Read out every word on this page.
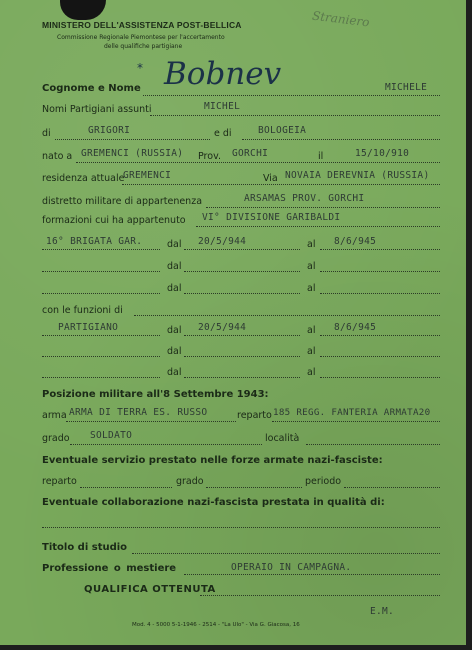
MINISTERO DELL'ASSISTENZA POST-BELLICA
Commissione Regionale Piemontese per l'accertamento
delle qualifiche partigiane
Straniero
Cognome e Nome
* Bobnev	MICHELE
Nomi Partigiani assunti	MICHEL
di	GRIGORI	e di	BOLOGEIA
nato a GREMENCI (RUSSIA) Prov. GORCHI	il	15/10/910
residenza attuale
GREMENCI	Via NOVAIA DEREVNIA (RUSSIA)
distretto militare di appartenenza	ARSAMAS PROV. GORCHI
formazioni cui ha appartenuto VI° DIVISIONE GARIBALDI
16° BRIGATA GAR.	dal 20/5/944	al 8/6/945
dal	al
dal	al
con le funzioni di
PARTIGIANO	dal 20/5/944	al 8/6/945
dal	al
dal	al
Posizione militare all'8 Settembre 1943:
arma ARMA DI TERRA ES. RUSSO	reparto 185 REGG. FANTERIA ARMATA20
grado SOLDATO	località
Eventuale servizio prestato nelle forze armate nazi-fasciste:
reparto	grado	periodo
Eventuale collaborazione nazi-fascista prestata in qualità di:
Titolo di studio
Professione o mestiere	OPERAIO IN CAMPAGNA.
QUALIFICA OTTENUTA
E.M.
Mod. 4 - 5000 5-1-1946 - 2514 - "La Ulo" - Via G. Giacosa, 16
